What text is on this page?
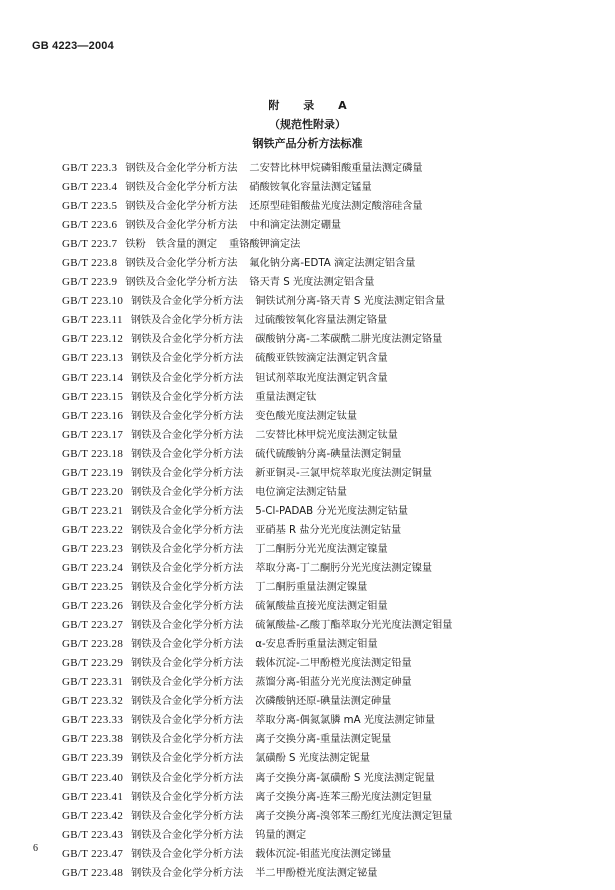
GB 4223—2004
附 录 A
（规范性附录）
钢铁产品分析方法标准
GB/T 223.3 钢铁及合金化学分析方法 二安替比林甲烷磷钼酸重量法测定磷量
GB/T 223.4 钢铁及合金化学分析方法 硝酸铵氧化容量法测定锰量
GB/T 223.5 钢铁及合金化学分析方法 还原型硅钼酸盐光度法测定酸溶硅含量
GB/T 223.6 钢铁及合金化学分析方法 中和滴定法测定硼量
GB/T 223.7 铁粉　铁含量的测定 重铬酸钾滴定法
GB/T 223.8 钢铁及合金化学分析方法 氟化钠分离-EDTA 滴定法测定铝含量
GB/T 223.9 钢铁及合金化学分析方法 铬天青 S 光度法测定铝含量
GB/T 223.10 钢铁及合金化学分析方法 铜铁试剂分离-铬天青 S 光度法测定铝含量
GB/T 223.11 钢铁及合金化学分析方法 过硫酸铵氧化容量法测定铬量
GB/T 223.12 钢铁及合金化学分析方法 碳酸钠分离-二苯碳酰二肼光度法测定铬量
GB/T 223.13 钢铁及合金化学分析方法 硫酸亚铁铵滴定法测定钒含量
GB/T 223.14 钢铁及合金化学分析方法 钽试剂萃取光度法测定钒含量
GB/T 223.15 钢铁及合金化学分析方法 重量法测定钛
GB/T 223.16 钢铁及合金化学分析方法 变色酸光度法测定钛量
GB/T 223.17 钢铁及合金化学分析方法 二安替比林甲烷光度法测定钛量
GB/T 223.18 钢铁及合金化学分析方法 硫代硫酸钠分离-碘量法测定铜量
GB/T 223.19 钢铁及合金化学分析方法 新亚铜灵-三氯甲烷萃取光度法测定铜量
GB/T 223.20 钢铁及合金化学分析方法 电位滴定法测定钴量
GB/T 223.21 钢铁及合金化学分析方法 5-Cl-PADAB 分光光度法测定钴量
GB/T 223.22 钢铁及合金化学分析方法 亚硝基 R 盐分光光度法测定钴量
GB/T 223.23 钢铁及合金化学分析方法 丁二酮肟分光光度法测定镍量
GB/T 223.24 钢铁及合金化学分析方法 萃取分离-丁二酮肟分光光度法测定镍量
GB/T 223.25 钢铁及合金化学分析方法 丁二酮肟重量法测定镍量
GB/T 223.26 钢铁及合金化学分析方法 硫氰酸盐直接光度法测定钼量
GB/T 223.27 钢铁及合金化学分析方法 硫氰酸盐-乙酸丁酯萃取分光光度法测定钼量
GB/T 223.28 钢铁及合金化学分析方法 α-安息香肟重量法测定钼量
GB/T 223.29 钢铁及合金化学分析方法 载体沉淀-二甲酚橙光度法测定铅量
GB/T 223.31 钢铁及合金化学分析方法 蒸馏分离-钼蓝分光光度法测定砷量
GB/T 223.32 钢铁及合金化学分析方法 次磷酸钠还原-碘量法测定砷量
GB/T 223.33 钢铁及合金化学分析方法 萃取分离-偶氮氯膦 mA 光度法测定铈量
GB/T 223.38 钢铁及合金化学分析方法 离子交换分离-重量法测定铌量
GB/T 223.39 钢铁及合金化学分析方法 氯磺酚 S 光度法测定铌量
GB/T 223.40 钢铁及合金化学分析方法 离子交换分离-氯磺酚 S 光度法测定铌量
GB/T 223.41 钢铁及合金化学分析方法 离子交换分离-连苯三酚光度法测定钽量
GB/T 223.42 钢铁及合金化学分析方法 离子交换分离-溴邻苯三酚红光度法测定钽量
GB/T 223.43 钢铁及合金化学分析方法 钨量的测定
GB/T 223.47 钢铁及合金化学分析方法 载体沉淀-钼蓝光度法测定锑量
GB/T 223.48 钢铁及合金化学分析方法 半二甲酚橙光度法测定铋量
6
